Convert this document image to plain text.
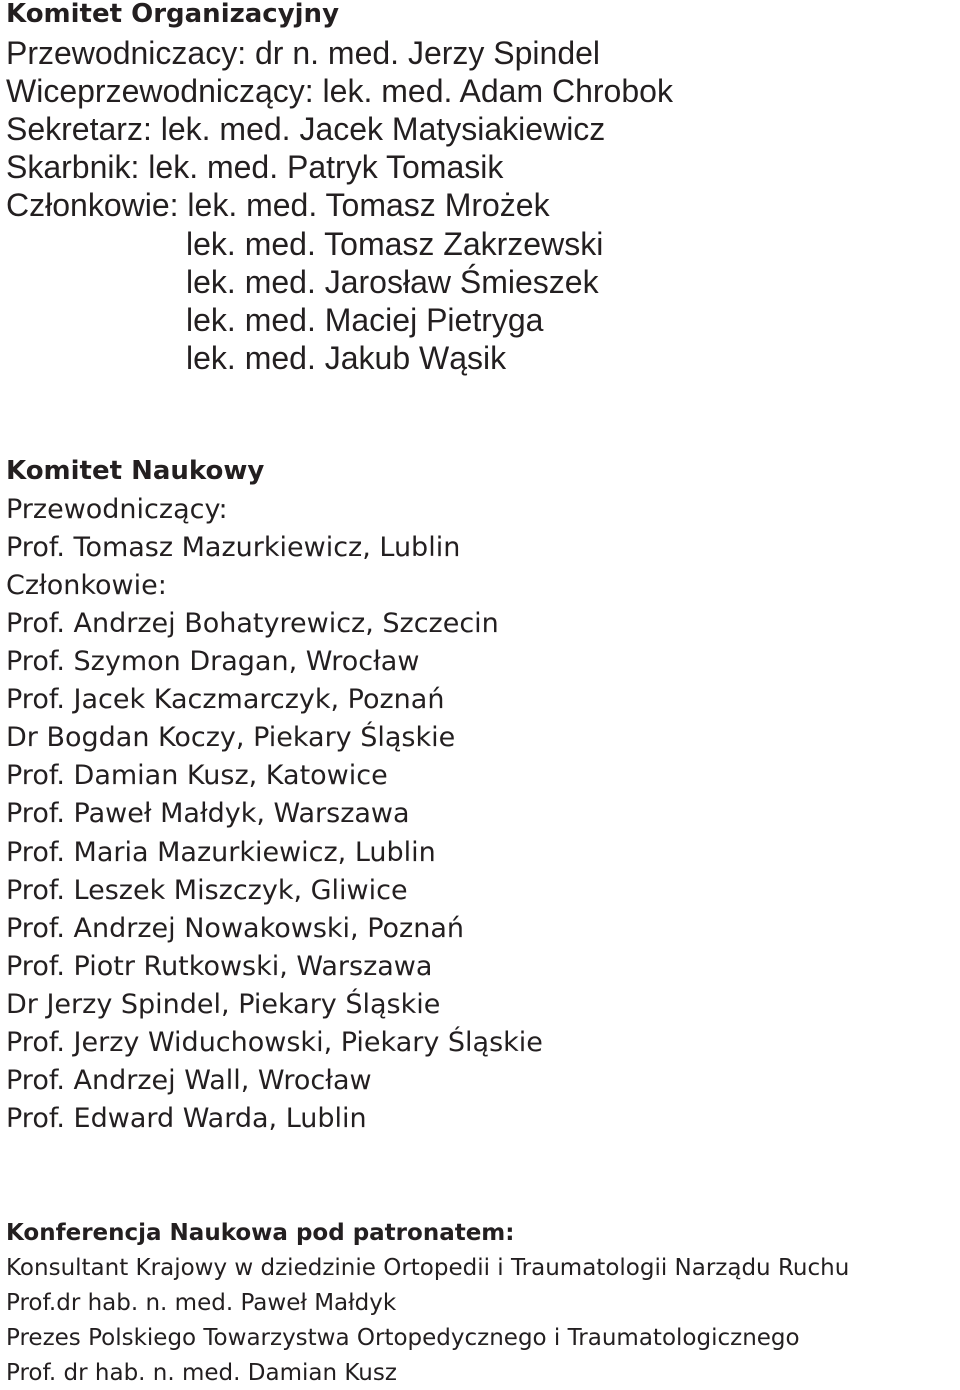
Komitet Organizacyjny
Przewodniczacy: dr n. med. Jerzy Spindel
Wiceprzewodniczący: lek. med. Adam Chrobok
Sekretarz: lek. med. Jacek Matysiakiewicz
Skarbnik: lek. med. Patryk Tomasik
Członkowie: lek. med. Tomasz Mrożek
lek. med. Tomasz Zakrzewski
lek. med. Jarosław Śmieszek
lek. med. Maciej Pietryga
lek. med. Jakub Wąsik
Komitet Naukowy
Przewodniczący:
Prof. Tomasz Mazurkiewicz, Lublin
Członkowie:
Prof. Andrzej Bohatyrewicz, Szczecin
Prof. Szymon Dragan, Wrocław
Prof. Jacek Kaczmarczyk, Poznań
Dr Bogdan Koczy, Piekary Śląskie
Prof. Damian Kusz, Katowice
Prof. Paweł Małdyk, Warszawa
Prof. Maria Mazurkiewicz, Lublin
Prof. Leszek Miszczyk, Gliwice
Prof. Andrzej Nowakowski, Poznań
Prof. Piotr Rutkowski, Warszawa
Dr Jerzy Spindel, Piekary Śląskie
Prof. Jerzy Widuchowski, Piekary Śląskie
Prof. Andrzej Wall, Wrocław
Prof. Edward Warda, Lublin
Konferencja Naukowa pod patronatem:
Konsultant Krajowy w dziedzinie Ortopedii i Traumatologii Narządu Ruchu
Prof.dr hab. n. med. Paweł Małdyk
Prezes Polskiego Towarzystwa Ortopedycznego i Traumatologicznego
Prof. dr hab. n. med. Damian Kusz
